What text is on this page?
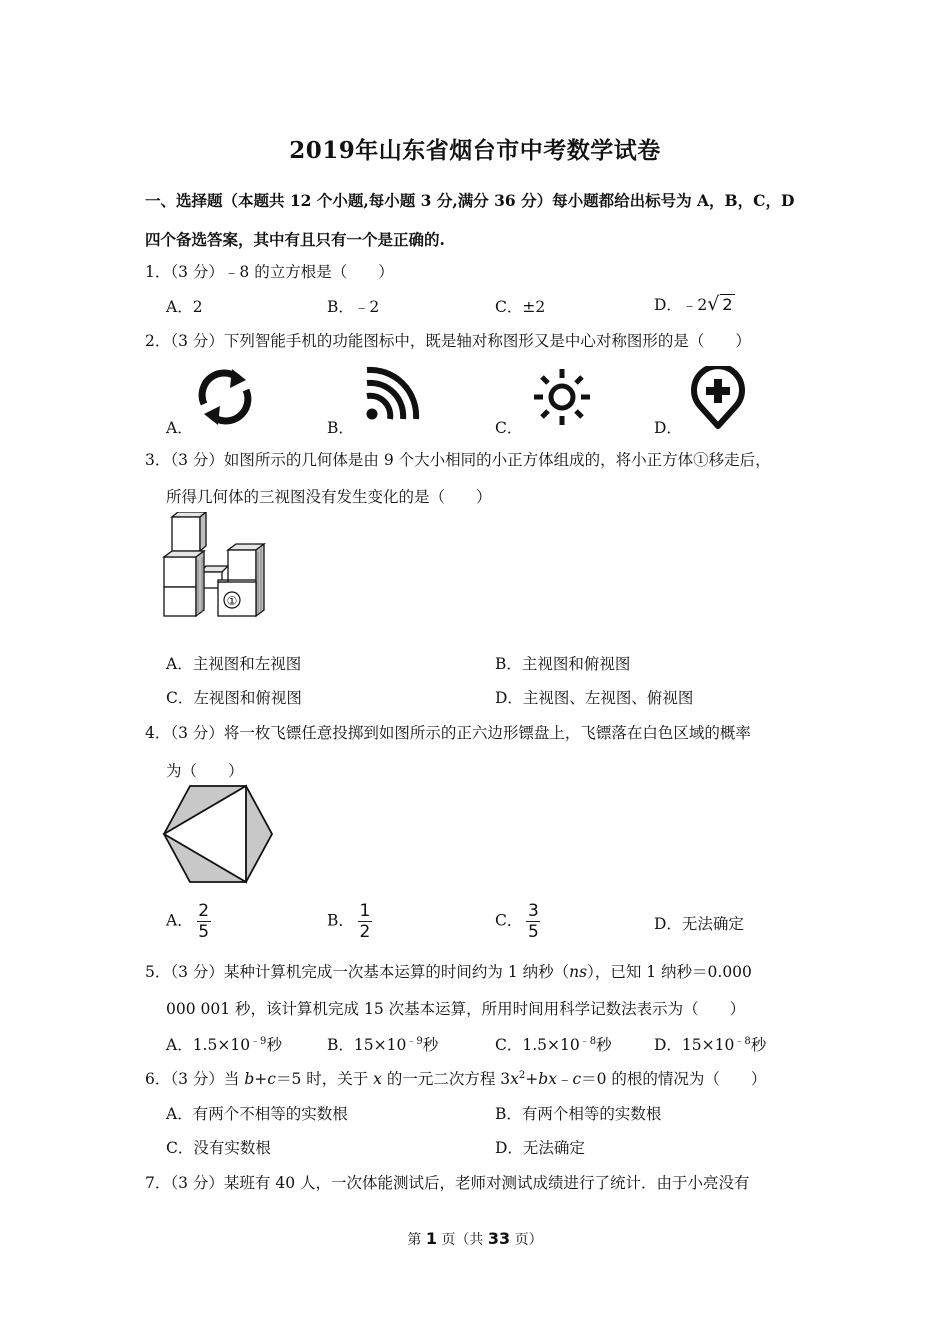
2019年山东省烟台市中考数学试卷
一、选择题（本题共 12 个小题,每小题 3 分,满分 36 分）每小题都给出标号为 A，B，C，D
四个备选答案，其中有且只有一个是正确的.
1．（3 分）﹣8 的立方根是（　　）
A．2	B．﹣2	C．±2	D．﹣2√ 2
2．（3 分）下列智能手机的功能图标中，既是轴对称图形又是中心对称图形的是（　　）
A．	B．	C．	D．
3．（3 分）如图所示的几何体是由 9 个大小相同的小正方体组成的，将小正方体①移走后，
所得几何体的三视图没有发生变化的是（　　）
①
A．主视图和左视图	B．主视图和俯视图
C．左视图和俯视图	D．主视图、左视图、俯视图
4．（3 分）将一枚飞镖任意投掷到如图所示的正六边形镖盘上，飞镖落在白色区域的概率
为（　　）
A． $\frac{2}{5}$	B． $\frac{1}{2}$	C． $\frac{3}{5}$	D．无法确定
5．（3 分）某种计算机完成一次基本运算的时间约为 1 纳秒（ns），已知 1 纳秒＝0.000
000 001 秒，该计算机完成 15 次基本运算，所用时间用科学记数法表示为（　　）
A．$1.5\times 10^{﹣9}$秒	B．$15\times 10^{﹣9}$秒	C．$1.5\times 10^{﹣8}$秒	D．$15\times 10^{﹣8}$秒
6．（3 分）当 b+c＝5 时，关于 x 的一元二次方程 $3x^2+bx﹣c=0$ 的根的情况为（　　）
A．有两个不相等的实数根	B．有两个相等的实数根
C．没有实数根	D．无法确定
7．（3 分）某班有 40 人，一次体能测试后，老师对测试成绩进行了统计．由于小亮没有
第 1 页（共 33 页）
